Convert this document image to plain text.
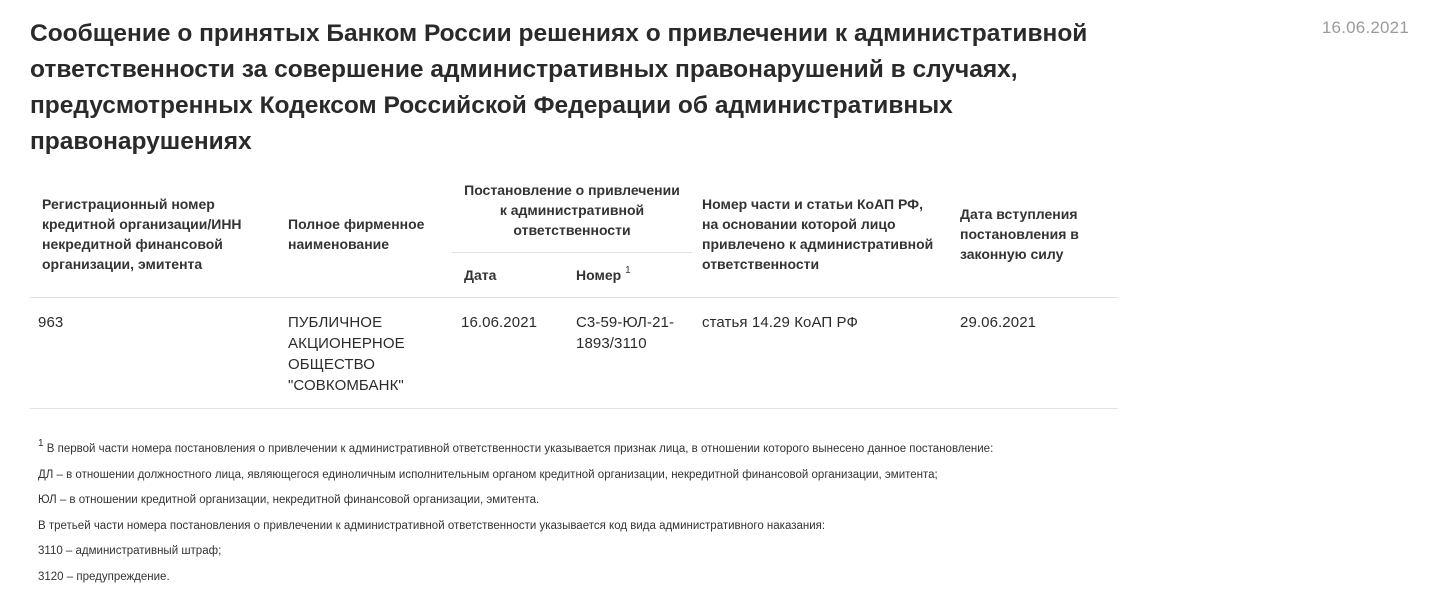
16.06.2021
Сообщение о принятых Банком России решениях о привлечении к административной ответственности за совершение административных правонарушений в случаях, предусмотренных Кодексом Российской Федерации об административных правонарушениях
Регистрационный номер кредитной организации/ИНН некредитной финансовой организации, эмитента	Полное фирменное наименование	Постановление о привлечении к административной ответственности		Номер части и статьи КоАП РФ, на основании которой лицо привлечено к административной ответственности	Дата вступления постановления в законную силу
		Дата	Номер $^1$
963	ПУБЛИЧНОЕ АКЦИОНЕРНОЕ ОБЩЕСТВО "СОВКОМБАНК"	16.06.2021	С3-59-ЮЛ-21-1893/3110	статья 14.29 КоАП РФ	29.06.2021
$^1$ В первой части номера постановления о привлечении к административной ответственности указывается признак лица, в отношении которого вынесено данное постановление:
ДЛ – в отношении должностного лица, являющегося единоличным исполнительным органом кредитной организации, некредитной финансовой организации, эмитента;
ЮЛ – в отношении кредитной организации, некредитной финансовой организации, эмитента.
В третьей части номера постановления о привлечении к административной ответственности указывается код вида административного наказания:
3110 – административный штраф;
3120 – предупреждение.
